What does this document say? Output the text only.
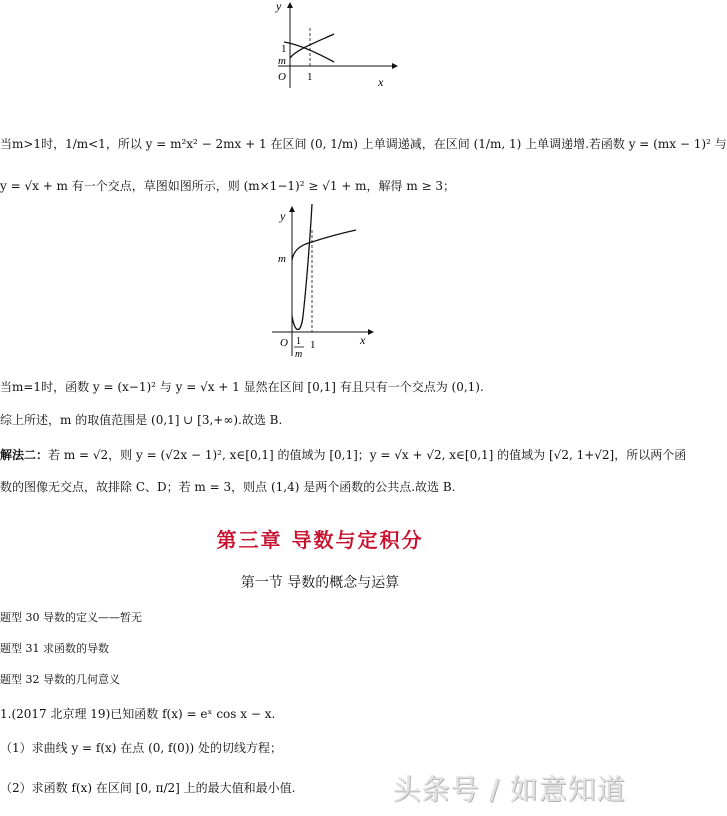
y
x
O
1
m
1
当m>1时，1/m<1，所以 y = m²x² − 2mx + 1 在区间 (0, 1/m) 上单调递减，在区间 (1/m, 1) 上单调递增.若函数 y = (mx − 1)² 与
y = √x + m 有一个交点，草图如图所示，则 (m×1−1)² ≥ √1 + m，解得 m ≥ 3；
y
m
x
O 1
m
1
当m=1时，函数 y = (x−1)² 与 y = √x + 1 显然在区间 [0,1] 有且只有一个交点为 (0,1).
综上所述，m 的取值范围是 (0,1] ∪ [3,+∞).故选 B.
解法二：若 m = √2，则 y = (√2x − 1)², x∈[0,1] 的值域为 [0,1]；y = √x + √2, x∈[0,1] 的值域为 [√2, 1+√2]，所以两个函
数的图像无交点，故排除 C、D；若 m = 3，则点 (1,4) 是两个函数的公共点.故选 B.
第三章 导数与定积分
第一节 导数的概念与运算
题型 30 导数的定义——暂无
题型 31 求函数的导数
题型 32 导数的几何意义
1.(2017 北京理 19)已知函数 f(x) = eˣ cos x − x.
（1）求曲线 y = f(x) 在点 (0, f(0)) 处的切线方程；
（2）求函数 f(x) 在区间 [0, π/2] 上的最大值和最小值.	头条号 / 如意知道
